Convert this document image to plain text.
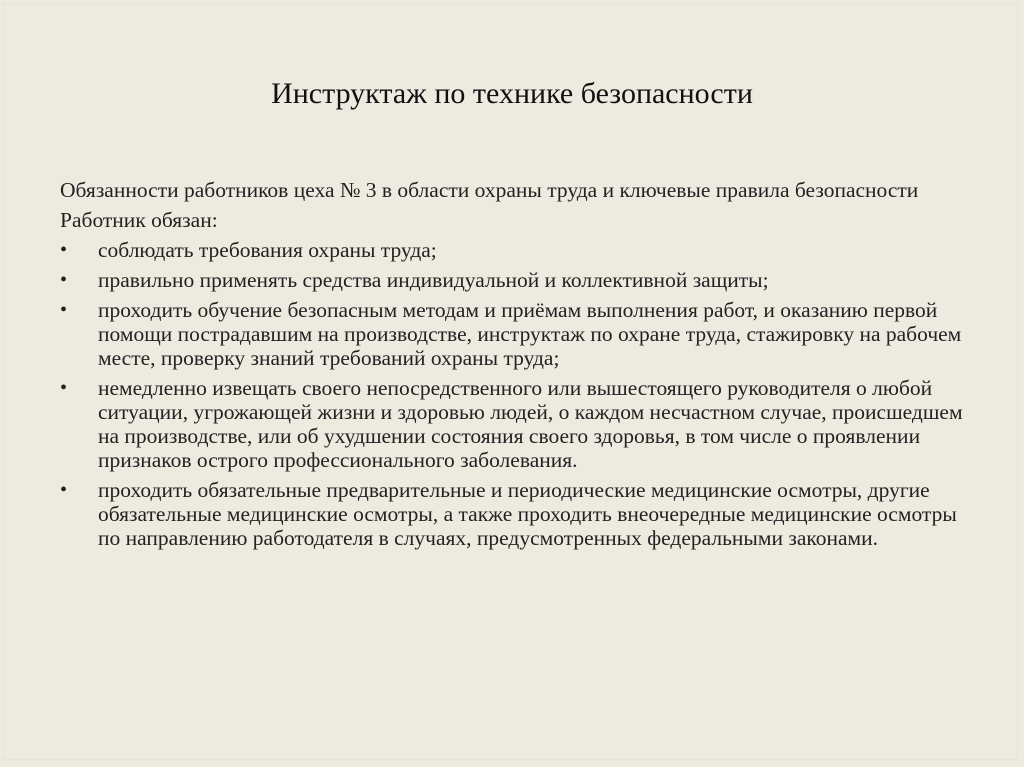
Инструктаж по технике безопасности

Обязанности работников цеха № 3 в области охраны труда и ключевые правила безопасности

Работник обязан:

•	соблюдать требования охраны труда;
•	правильно применять средства индивидуальной и коллективной защиты;
•	проходить обучение безопасным методам и приёмам выполнения работ, и оказанию первой помощи пострадавшим на производстве, инструктаж по охране труда, стажировку на рабочем месте, проверку знаний требований охраны труда;
•	немедленно извещать своего непосредственного или вышестоящего руководителя о любой ситуации, угрожающей жизни и здоровью людей, о каждом несчастном случае, происшедшем на производстве, или об ухудшении состояния своего здоровья, в том числе о проявлении признаков острого профессионального заболевания.
•	проходить обязательные предварительные и периодические медицинские осмотры, другие обязательные медицинские осмотры, а также проходить внеочередные медицинские осмотры по направлению работодателя в случаях, предусмотренных федеральными законами.
